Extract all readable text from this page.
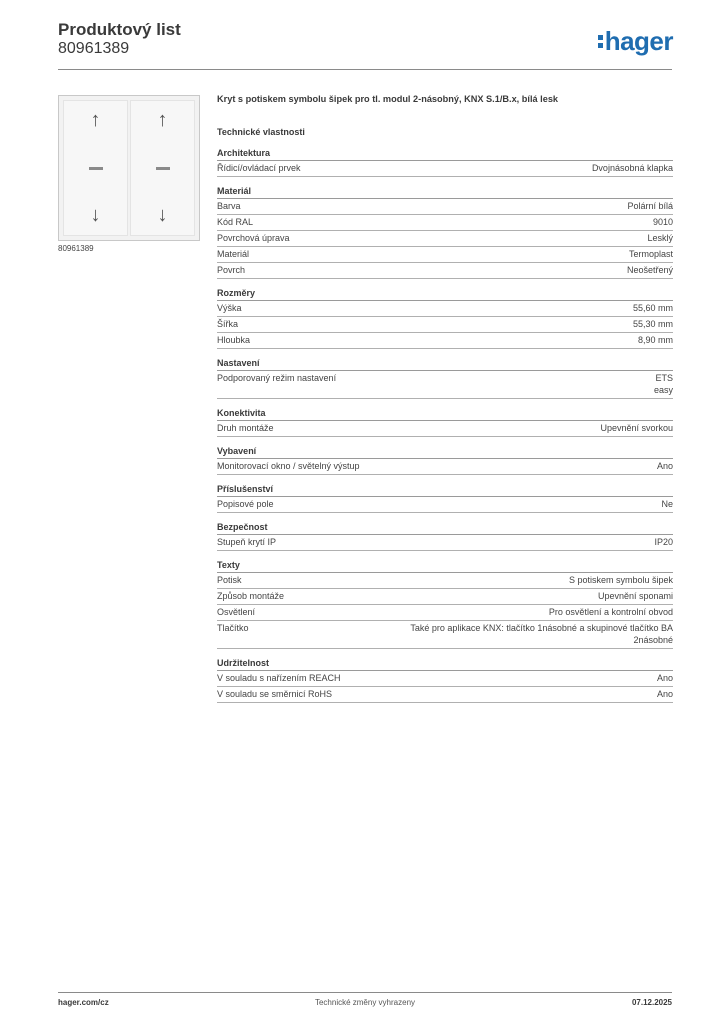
Produktový list
80961389	hager
↑
↓
↑
↓
80961389
Kryt s potiskem symbolu šipek pro tl. modul 2-násobný, KNX S.1/B.x, bílá lesk
Technické vlastnosti
Architektura
Řídicí/ovládací prvek	Dvojnásobná klapka
Materiál
Barva	Polární bílá
Kód RAL	9010
Povrchová úprava	Lesklý
Materiál	Termoplast
Povrch	Neošetřený
Rozměry
Výška	55,60 mm
Šířka	55,30 mm
Hloubka	8,90 mm
Nastavení
Podporovaný režim nastavení	ETS
easy
Konektivita
Druh montáže	Upevnění svorkou
Vybavení
Monitorovací okno / světelný výstup	Ano
Příslušenství
Popisové pole	Ne
Bezpečnost
Stupeň krytí IP	IP20
Texty
Potisk	S potiskem symbolu šipek
Způsob montáže	Upevnění sponami
Osvětlení	Pro osvětlení a kontrolní obvod
Tlačítko	Také pro aplikace KNX: tlačítko 1násobné a skupinové tlačítko BA
2násobné
Udržitelnost
V souladu s nařízením REACH	Ano
V souladu se směrnicí RoHS	Ano
hager.com/cz	Technické změny vyhrazeny	07.12.2025
